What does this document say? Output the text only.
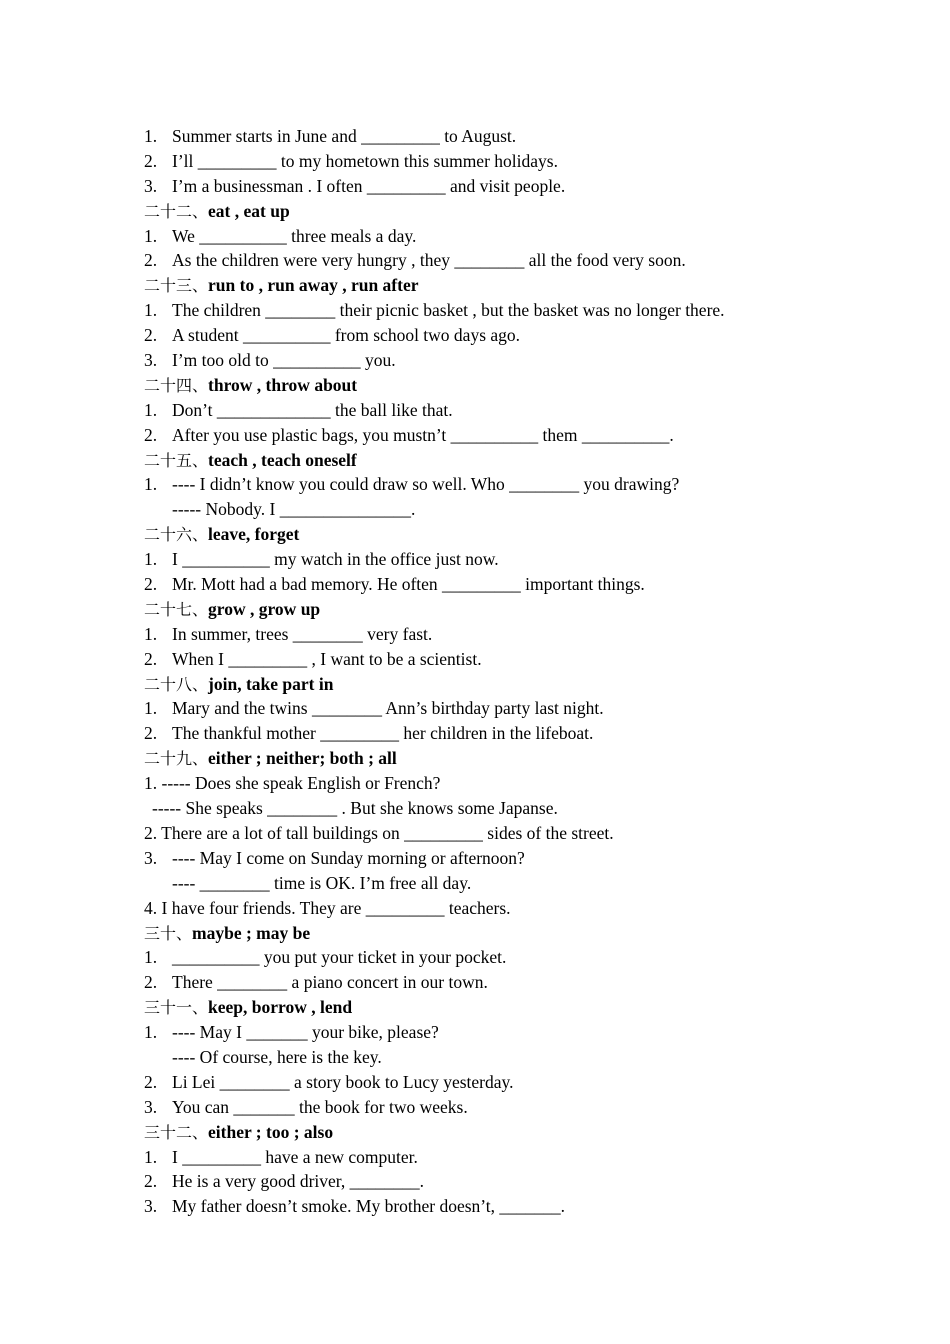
1. Summer starts in June and _________ to August.
2. I’ll _________ to my hometown this summer holidays.
3. I’m a businessman . I often _________ and visit people.
二十二、eat , eat up
1. We __________ three meals a day.
2. As the children were very hungry , they ________ all the food very soon.
二十三、run to , run away , run after
1. The children ________ their picnic basket , but the basket was no longer there.
2. A student __________ from school two days ago.
3. I’m too old to __________ you.
二十四、throw , throw about
1. Don’t _____________ the ball like that.
2. After you use plastic bags, you mustn’t __________ them __________.
二十五、teach , teach oneself
1. ---- I didn’t know you could draw so well. Who ________ you drawing?
----- Nobody. I _______________.
二十六、leave, forget
1. I __________ my watch in the office just now.
2. Mr. Mott had a bad memory. He often _________ important things.
二十七、grow , grow up
1. In summer, trees ________ very fast.
2. When I _________ , I want to be a scientist.
二十八、join, take part in
1. Mary and the twins ________ Ann’s birthday party last night.
2. The thankful mother _________ her children in the lifeboat.
二十九、either ; neither; both ; all
1. ----- Does she speak English or French?
----- She speaks ________ . But she knows some Japanse.
2. There are a lot of tall buildings on _________ sides of the street.
3. ---- May I come on Sunday morning or afternoon?
---- ________ time is OK. I’m free all day.
4. I have four friends. They are _________ teachers.
三十、maybe ; may be
1. __________ you put your ticket in your pocket.
2. There ________ a piano concert in our town.
三十一、keep, borrow , lend
1. ---- May I _______ your bike, please?
---- Of course, here is the key.
2. Li Lei ________ a story book to Lucy yesterday.
3. You can _______ the book for two weeks.
三十二、either ; too ; also
1. I _________ have a new computer.
2. He is a very good driver, ________.
3. My father doesn’t smoke. My brother doesn’t, _______.
